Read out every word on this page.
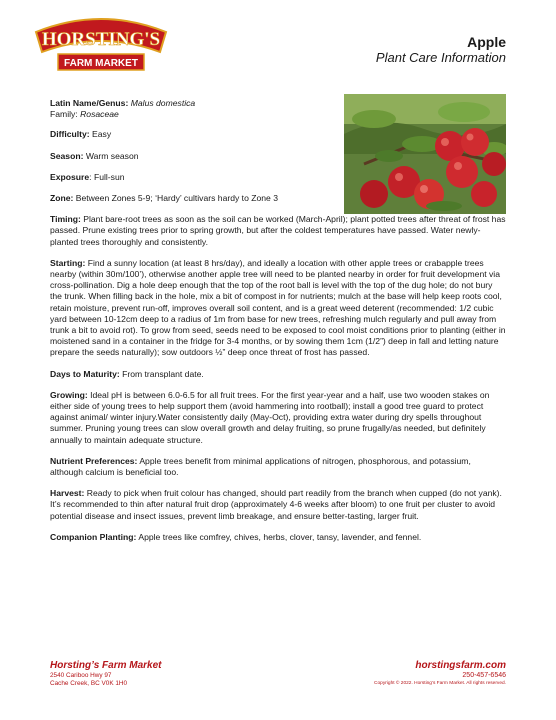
HORSTING'S
FARM MARKET
Apple
Plant Care Information

Latin Name/Genus: Malus domestica

Family: Rosaceae

Difficulty: Easy

Season: Warm season

Exposure: Full-sun

Zone: Between Zones 5-9; ‘Hardy’ cultivars hardy to Zone 3

Timing: Plant bare-root trees as soon as the soil can be worked (March-April); plant potted trees after threat of frost has passed. Prune existing trees prior to spring growth, but after the coldest temperatures have passed. Water newly-planted trees thoroughly and consistently.

Starting: Find a sunny location (at least 8 hrs/day), and ideally a location with other apple trees or crabapple trees nearby (within 30m/100’), otherwise another apple tree will need to be planted nearby in order for fruit development via cross-pollination. Dig a hole deep enough that the top of the root ball is level with the top of the dug hole; do not bury the trunk. When filling back in the hole, mix a bit of compost in for nutrients; mulch at the base will help keep roots cool, retain moisture, prevent run-off, improves overall soil content, and is a great weed deterent (recommended: 1/2 cubic yard between 10-12cm deep to a radius of 1m from base for new trees, refreshing mulch regularly and pull away from trunk a bit to avoid rot). To grow from seed, seeds need to be exposed to cool moist conditions prior to planting (either in moistened sand in a container in the fridge for 3-4 months, or by sowing them 1cm (1/2”) deep in fall and letting nature prepare the seeds naturally); sow outdoors ½” deep once threat of frost has passed.

Days to Maturity: From transplant date.

Growing: Ideal pH is between 6.0-6.5 for all fruit trees. For the first year-year and a half, use two wooden stakes on either side of young trees to help support them (avoid hammering into rootball); install a good tree guard to protect against animal/ winter injury.Water consistently daily (May-Oct), providing extra water during dry spells throughout summer. Pruning young trees can slow overall growth and delay fruiting, so prune frugally/as needed, but definitely annually to maintain adequate structure.

Nutrient Preferences: Apple trees benefit from minimal applications of nitrogen, phosphorous, and potassium, although calcium is beneficial too.

Harvest: Ready to pick when fruit colour has changed, should part readily from the branch when cupped (do not yank). It’s recommended to thin after natural fruit drop (approximately 4-6 weeks after bloom) to one fruit per cluster to avoid potential disease and insect issues, prevent limb breakage, and ensure better-tasting, larger fruit.

Companion Planting: Apple trees like comfrey, chives, herbs, clover, tansy, lavender, and fennel.

Horsting’s Farm Market
2540 Cariboo Hwy 97
Cache Creek, BC V0K 1H0
horstingsfarm.com
250-457-6546
Copyright © 2022. Horsting’s Farm Market. All rights reserved.
